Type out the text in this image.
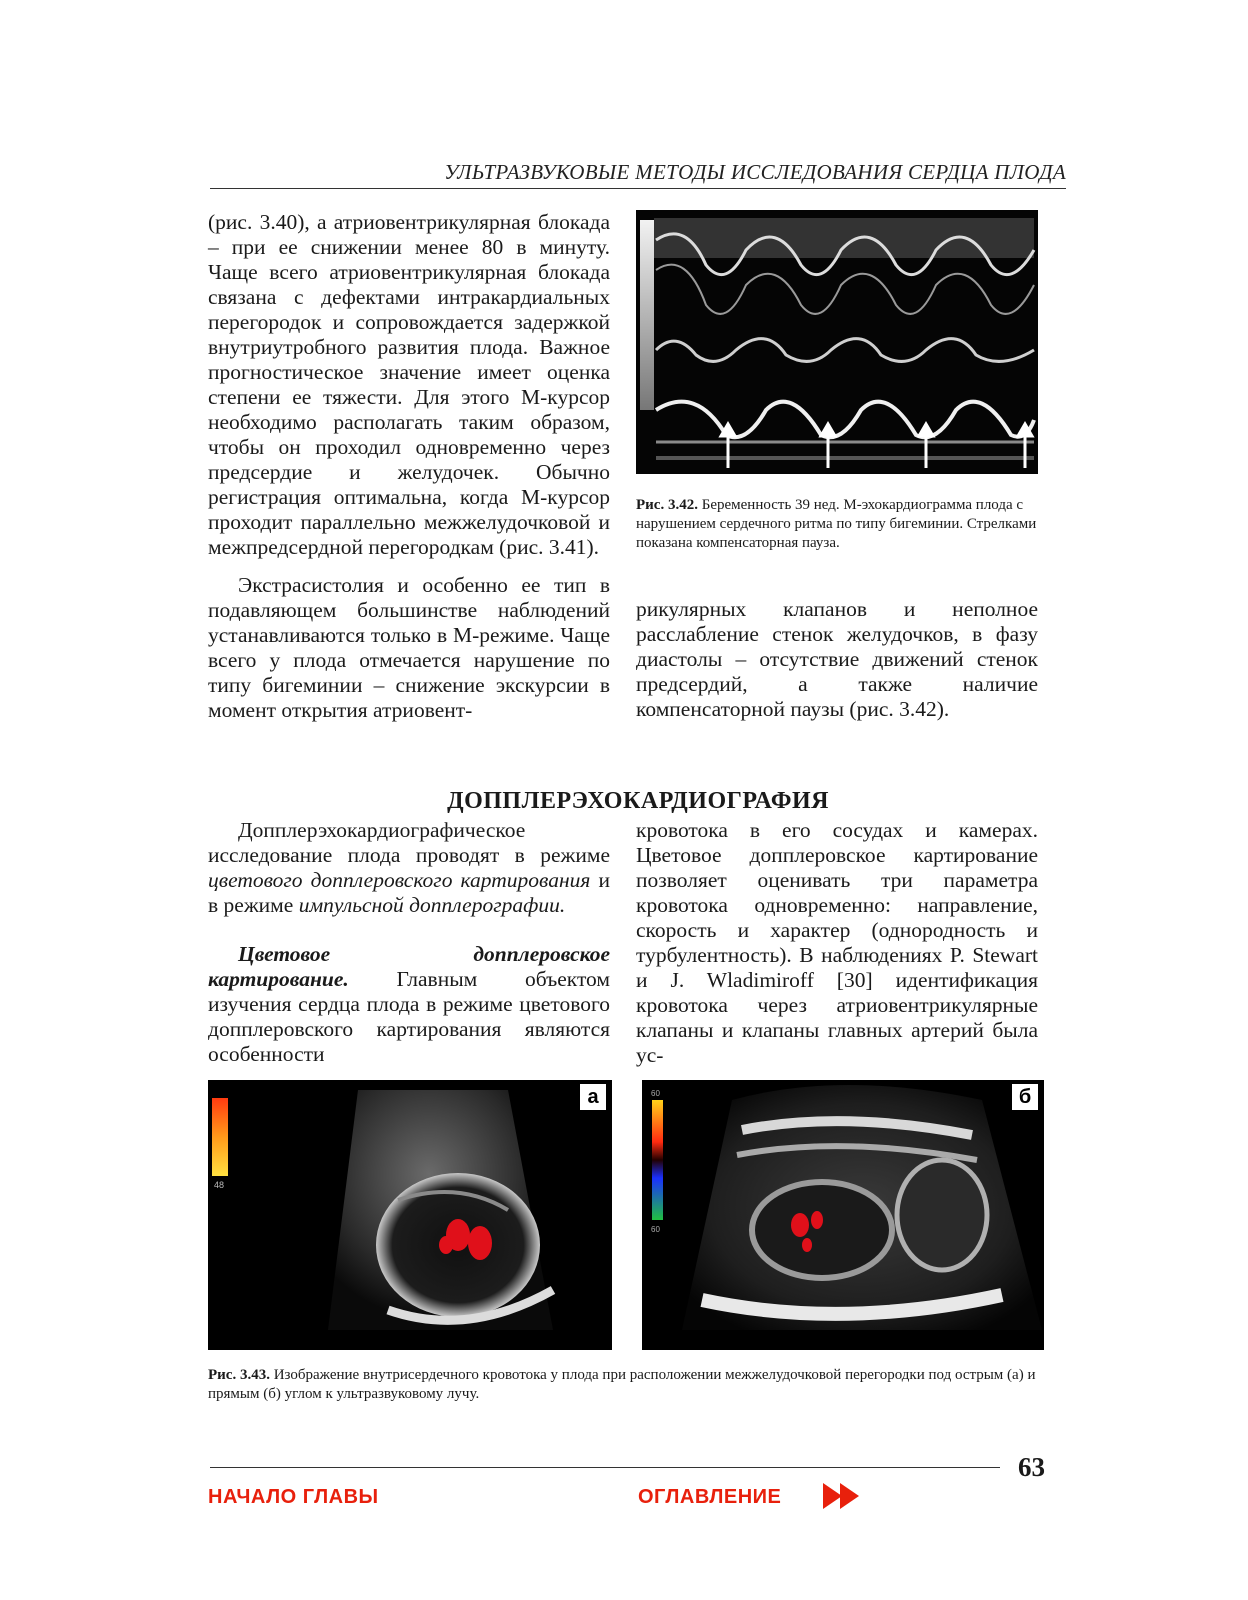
УЛЬТРАЗВУКОВЫЕ МЕТОДЫ ИССЛЕДОВАНИЯ СЕРДЦА ПЛОДА

(рис. 3.40), а атриовентрикулярная блокада – при ее снижении менее 80 в минуту. Чаще всего атриовентрикулярная блокада связана с дефектами интракардиальных перегородок и сопровождается задержкой внутриутробного развития плода. Важное прогностическое значение имеет оценка степени ее тяжести. Для этого М-курсор необходимо располагать таким образом, чтобы он проходил одновременно через предсердие и желудочек. Обычно регистрация оптимальна, когда М-курсор проходит параллельно межжелудочковой и межпредсердной перегородкам (рис. 3.41).

Экстрасистолия и особенно ее тип в подавляющем большинстве наблюдений устанавливаются только в М-режиме. Чаще всего у плода отмечается нарушение по типу бигеминии – снижение экскурсии в момент открытия атриовент-

Рис. 3.42. Беременность 39 нед. М-эхокардиограмма плода с нарушением сердечного ритма по типу бигеминии. Стрелками показана компенсаторная пауза.

рикулярных клапанов и неполное расслабление стенок желудочков, в фазу диастолы – отсутствие движений стенок предсердий, а также наличие компенсаторной паузы (рис. 3.42).

ДОППЛЕРЭХОКАРДИОГРАФИЯ

Допплерэхокардиографическое исследование плода проводят в режиме цветового допплеровского картирования и в режиме импульсной допплерографии.

Цветовое допплеровское картирование. Главным объектом изучения сердца плода в режиме цветового допплеровского картирования являются особенности

кровотока в его сосудах и камерах. Цветовое допплеровское картирование позволяет оценивать три параметра кровотока одновременно: направление, скорость и характер (однородность и турбулентность). В наблюдениях P. Stewart и J. Wladimiroff [30] идентификация кровотока через атриовентрикулярные клапаны и клапаны главных артерий была ус-

48
а	60
60
б

Рис. 3.43. Изображение внутрисердечного кровотока у плода при расположении межжелудочковой перегородки под острым (а) и прямым (б) углом к ультразвуковому лучу.

63
НАЧАЛО ГЛАВЫ	ОГЛАВЛЕНИЕ
